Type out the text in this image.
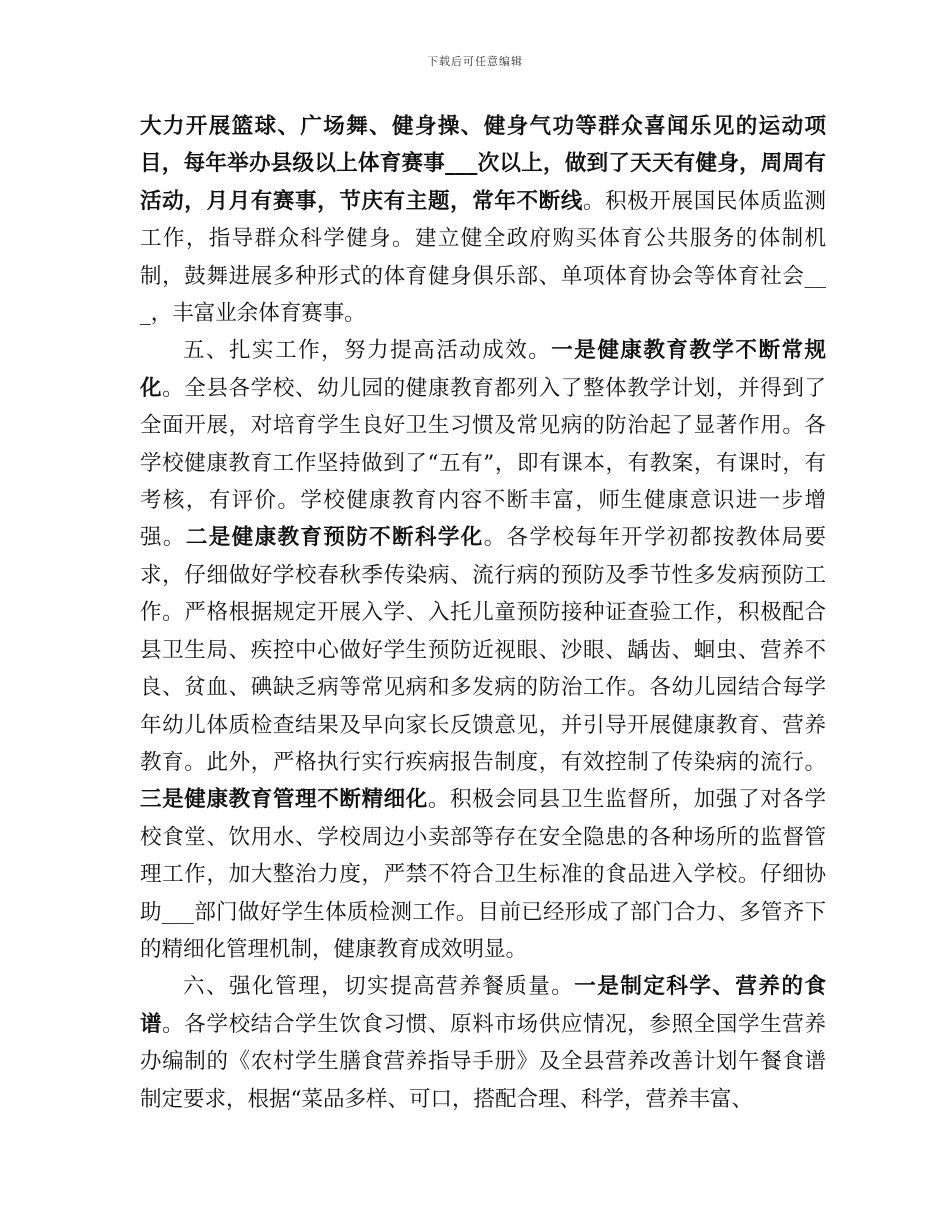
下载后可任意编辑

大力开展篮球、广场舞、健身操、健身气功等群众喜闻乐见的运动项目，每年举办县级以上体育赛事___次以上，做到了天天有健身，周周有活动，月月有赛事，节庆有主题，常年不断线。积极开展国民体质监测工作，指导群众科学健身。建立健全政府购买体育公共服务的体制机制，鼓舞进展多种形式的体育健身俱乐部、单项体育协会等体育社会___，丰富业余体育赛事。

五、扎实工作，努力提高活动成效。一是健康教育教学不断常规化。全县各学校、幼儿园的健康教育都列入了整体教学计划，并得到了全面开展，对培育学生良好卫生习惯及常见病的防治起了显著作用。各学校健康教育工作坚持做到了“五有”，即有课本，有教案，有课时，有考核，有评价。学校健康教育内容不断丰富，师生健康意识进一步增强。二是健康教育预防不断科学化。各学校每年开学初都按教体局要求，仔细做好学校春秋季传染病、流行病的预防及季节性多发病预防工作。严格根据规定开展入学、入托儿童预防接种证查验工作，积极配合县卫生局、疾控中心做好学生预防近视眼、沙眼、龋齿、蛔虫、营养不良、贫血、碘缺乏病等常见病和多发病的防治工作。各幼儿园结合每学年幼儿体质检查结果及早向家长反馈意见，并引导开展健康教育、营养教育。此外，严格执行实行疾病报告制度，有效控制了传染病的流行。三是健康教育管理不断精细化。积极会同县卫生监督所，加强了对各学校食堂、饮用水、学校周边小卖部等存在安全隐患的各种场所的监督管理工作，加大整治力度，严禁不符合卫生标准的食品进入学校。仔细协助___部门做好学生体质检测工作。目前已经形成了部门合力、多管齐下的精细化管理机制，健康教育成效明显。

六、强化管理，切实提高营养餐质量。一是制定科学、营养的食谱。各学校结合学生饮食习惯、原料市场供应情况，参照全国学生营养办编制的《农村学生膳食营养指导手册》及全县营养改善计划午餐食谱制定要求，根据“菜品多样、可口，搭配合理、科学，营养丰富、
